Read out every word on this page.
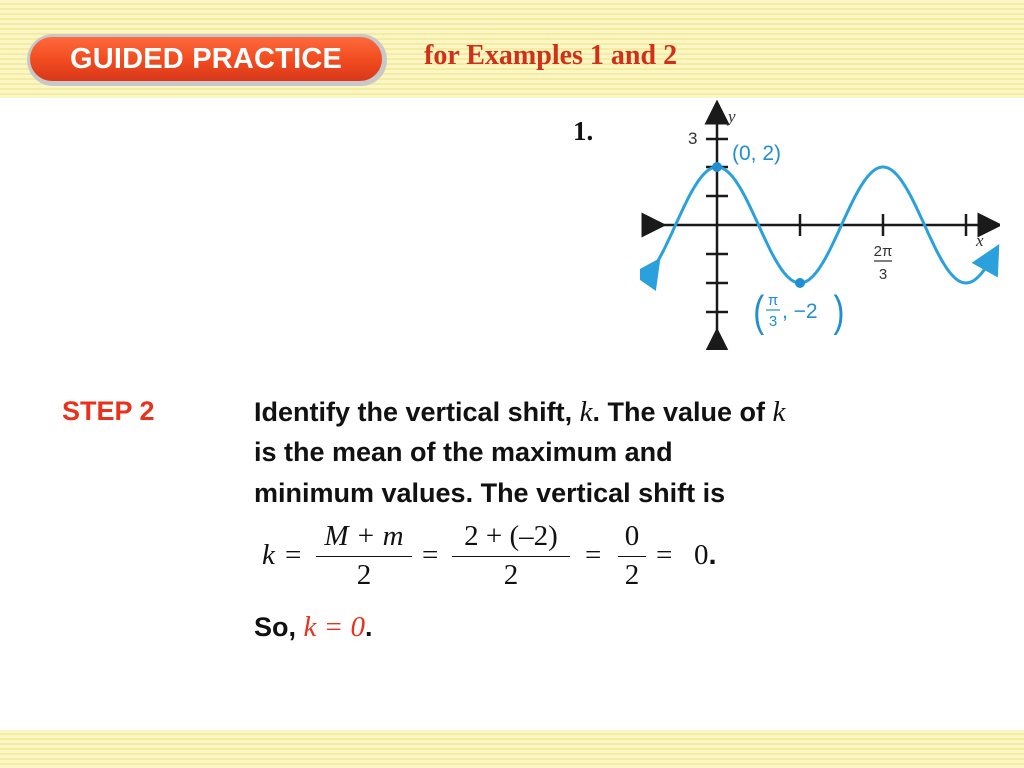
GUIDED PRACTICE	for Examples 1 and 2
1.	y
x
3
(0, 2)
2π
3
( π
3 , −2 )
STEP 2	Identify the vertical shift, k. The value of k
is the mean of the maximum and
minimum values. The vertical shift is
k =
M + m
2
=
2 + (–2)
2
=
0
2
= 0.
So, k = 0.
